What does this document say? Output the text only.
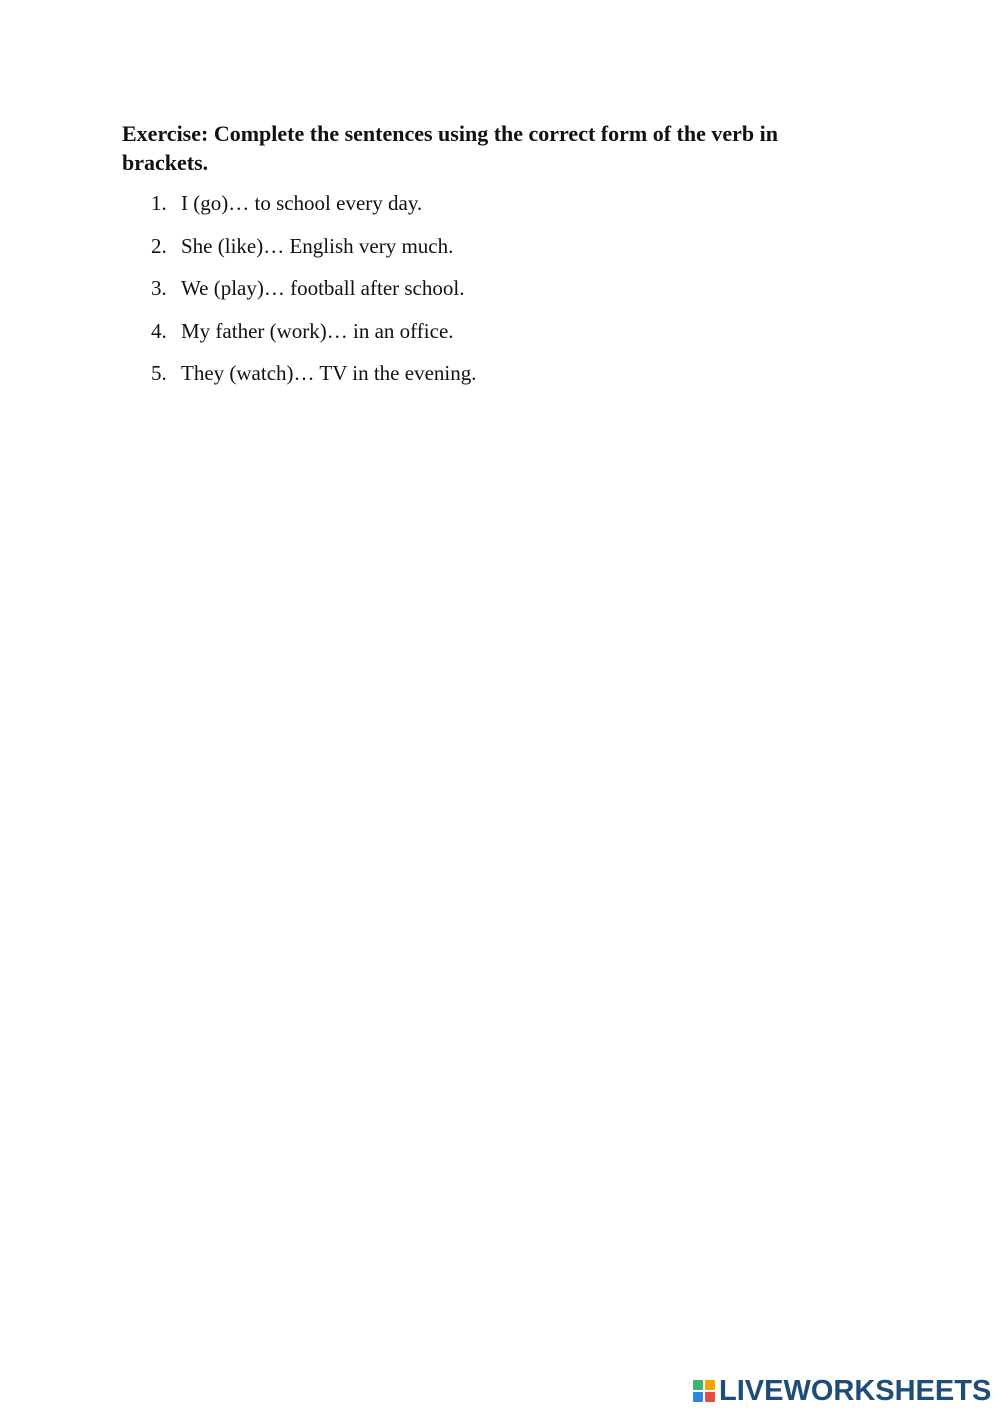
Exercise: Complete the sentences using the correct form of the verb in brackets.

1. I (go)… to school every day.
2. She (like)… English very much.
3. We (play)… football after school.
4. My father (work)… in an office.
5. They (watch)… TV in the evening.
LIVEWORKSHEETS
